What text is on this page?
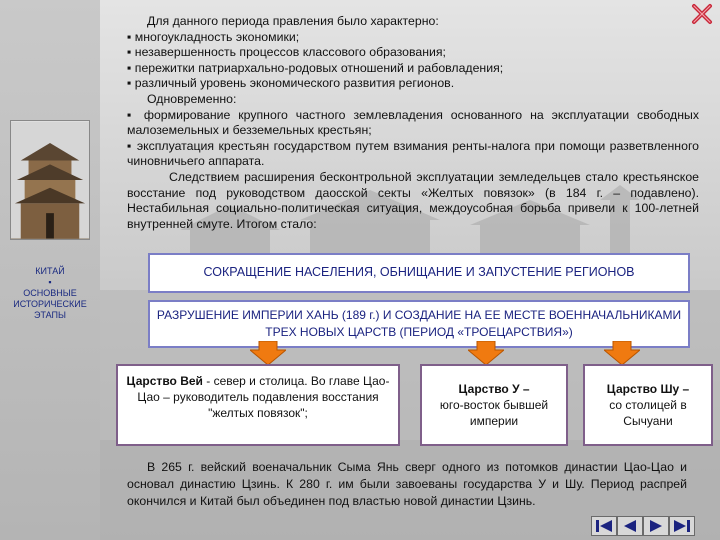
КИТАЙ
▪
ОСНОВНЫЕ
ИСТОРИЧЕСКИЕ
ЭТАПЫ

Для данного периода правления было характерно:

▪ многоукладность экономики;

▪ незавершенность процессов классового образования;

▪ пережитки патриархально-родовых отношений и рабовладения;

▪ различный уровень экономического развития регионов.

Одновременно:

▪ формирование крупного частного землевладения основанного на эксплуатации свободных малоземельных и безземельных крестьян;

▪ эксплуатация крестьян государством путем взимания ренты-налога при помощи разветвленного чиновничьего аппарата.

Следствием расширения бесконтрольной эксплуатации земледельцев стало крестьянское восстание под руководством даосской секты «Желтых повязок» (в 184 г. – подавлено). Нестабильная социально-политическая ситуация, междоусобная борьба привели к 100-летней внутренней смуте. Итогом стало:

СОКРАЩЕНИЕ НАСЕЛЕНИЯ, ОБНИЩАНИЕ И ЗАПУСТЕНИЕ РЕГИОНОВ
РАЗРУШЕНИЕ ИМПЕРИИ ХАНЬ (189 г.) И СОЗДАНИЕ НА ЕЕ МЕСТЕ ВОЕННАЧАЛЬНИКАМИ ТРЕХ НОВЫХ ЦАРСТВ (ПЕРИОД «ТРОЕЦАРСТВИЯ»)
Царство Вей - север и столица. Во главе Цао-Цао – руководитель подавления восстания "желтых повязок";
Царство У –
юго-восток бывшей империи
Царство Шу –
со столицей в Сычуани

В 265 г. вейский военачальник Сыма Янь сверг одного из потомков династии Цао-Цао и основал династию Цзинь. К 280 г. им были завоеваны государства У и Шу. Период распрей окончился и Китай был объединен под властью новой династии Цзинь.
